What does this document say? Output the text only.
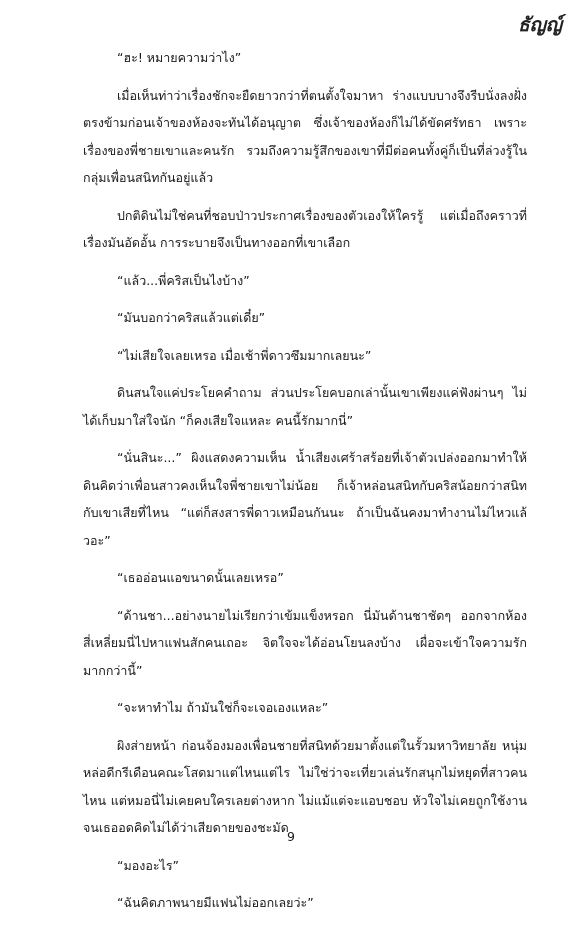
ธัญญ์

“ฮะ! หมายความว่าไง”

เมื่อเห็นท่าว่าเรื่องชักจะยืดยาวกว่าที่ตนตั้งใจมาหา ร่างแบบบางจึงรีบนั่งลงฝั่งตรงข้ามก่อนเจ้าของห้องจะทันได้อนุญาต ซึ่งเจ้าของห้องก็ไม่ได้ขัดศรัทธา เพราะเรื่องของพี่ชายเขาและคนรัก รวมถึงความรู้สึกของเขาที่มีต่อคนทั้งคู่ก็เป็นที่ล่วงรู้ในกลุ่มเพื่อนสนิทกันอยู่แล้ว

ปกติดินไม่ใช่คนที่ชอบป่าวประกาศเรื่องของตัวเองให้ใครรู้ แต่เมื่อถึงคราวที่เรื่องมันอัดอั้น การระบายจึงเป็นทางออกที่เขาเลือก

“แล้ว...พี่คริสเป็นไงบ้าง”

“มันบอกว่าคริสแล้วแต่เดี๋ย”

“ไม่เสียใจเลยเหรอ เมื่อเช้าพี่ดาวซึมมากเลยนะ”

ดินสนใจแค่ประโยคคำถาม ส่วนประโยคบอกเล่านั้นเขาเพียงแค่ฟังผ่านๆ ไม่ได้เก็บมาใส่ใจนัก “ก็คงเสียใจแหละ คนนี้รักมากนี่”

“นั่นสินะ...” ผิงแสดงความเห็น น้ำเสียงเศร้าสร้อยที่เจ้าตัวเปล่งออกมาทำให้ดินคิดว่าเพื่อนสาวคงเห็นใจพี่ชายเขาไม่น้อย ก็เจ้าหล่อนสนิทกับคริสน้อยกว่าสนิทกับเขาเสียที่ไหน “แต่ก็สงสารพี่ดาวเหมือนกันนะ ถ้าเป็นฉันคงมาทำงานไม่ไหวแล้วอะ”

“เธออ่อนแอขนาดนั้นเลยเหรอ”

“ด้านชา...อย่างนายไม่เรียกว่าเข้มแข็งหรอก นี่มันด้านชาชัดๆ ออกจากห้องสี่เหลี่ยมนี่ไปหาแฟนสักคนเถอะ จิตใจจะได้อ่อนโยนลงบ้าง เผื่อจะเข้าใจความรักมากกว่านี้”

“จะหาทำไม ถ้ามันใช่ก็จะเจอเองแหละ”

ผิงส่ายหน้า ก่อนจ้องมองเพื่อนชายที่สนิทด้วยมาตั้งแต่ในรั้วมหาวิทยาลัย หนุ่มหล่อดีกรีเดือนคณะโสดมาแต่ไหนแต่ไร ไม่ใช่ว่าจะเที่ยวเล่นรักสนุกไม่หยุดที่สาวคนไหน แต่หมอนี่ไม่เคยคบใครเลยต่างหาก ไม่แม้แต่จะแอบชอบ หัวใจไม่เคยถูกใช้งาน จนเธออดคิดไม่ได้ว่าเสียดายของชะมัด

“มองอะไร”

“ฉันคิดภาพนายมีแฟนไม่ออกเลยว่ะ”

9
